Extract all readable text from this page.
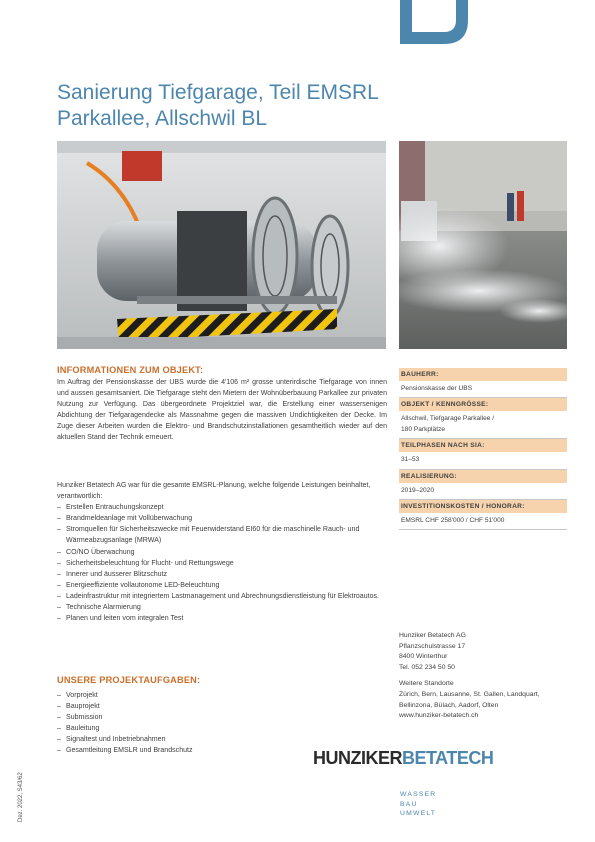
Sanierung Tiefgarage, Teil EMSRL
Parkallee, Allschwil BL
INFORMATIONEN ZUM OBJEKT:
Im Auftrag der Pensionskasse der UBS wurde die 4'106 m² grosse unterirdische Tiefgarage von innen und aussen gesamtsaniert. Die Tiefgarage steht den Mietern der Wohnüberbauung Parkallee zur privaten Nutzung zur Verfügung. Das übergeordnete Projektziel war, die Erstellung einer wassersenigen Abdichtung der Tiefgaragendecke als Massnahme gegen die massiven Undichtigkeiten der Decke. Im Zuge dieser Arbeiten wurden die Elektro- und Brandschutzinstallationen gesamtheitlich wieder auf den aktuellen Stand der Technik erneuert.
Hunziker Betatech AG war für die gesamte EMSRL-Planung, welche folgende Leistungen beinhaltet, verantwortlich:
– Erstellen Entrauchungskonzept
– Brandmeldeanlage mit Vollüberwachung
– Stromquellen für Sicherheitszwecke mit Feuerwiderstand EI60 für die maschinelle Rauch- und Wärmeabzugsanlage (MRWA)
– CO/NO Überwachung
– Sicherheitsbeleuchtung für Flucht- und Rettungswege
– Innerer und äusserer Blitzschutz
– Energieeffiziente vollautonome LED-Beleuchtung
– Ladeinfrastruktur mit integriertem Lastmanagement und Abrechnungsdienstleistung für Elektroautos.
– Technische Alarmierung
– Planen und leiten vom integralen Test
UNSERE PROJEKTAUFGABEN:
– Vorprojekt
– Bauprojekt
– Submission
– Bauleitung
– Signaltest und Inbetriebnahmen
– Gesamtleitung EMSLR und Brandschutz
BAUHERR:
Pensionskasse der UBS
OBJEKT / KENNGRÖSSE:
Allschwil, Tiefgarage Parkallee /
180 Parkplätze
TEILPHASEN NACH SIA:
31–53
REALISIERUNG:
2019–2020
INVESTITIONSKOSTEN / HONORAR:
EMSRL CHF 258'000 / CHF 51'000
Hunziker Betatech AG
Pflanzschulstrasse 17
8400 Winterthur
Tel. 052 234 50 50
Weitere Standorte
Zürich, Bern, Lausanne, St. Gallen, Landquart, Bellinzona, Bülach, Aadorf, Olten
www.hunziker-betatech.ch
HUNZIKERBETATECH
WASSER
BAU
UMWELT
Dez. 2022, S43/62
